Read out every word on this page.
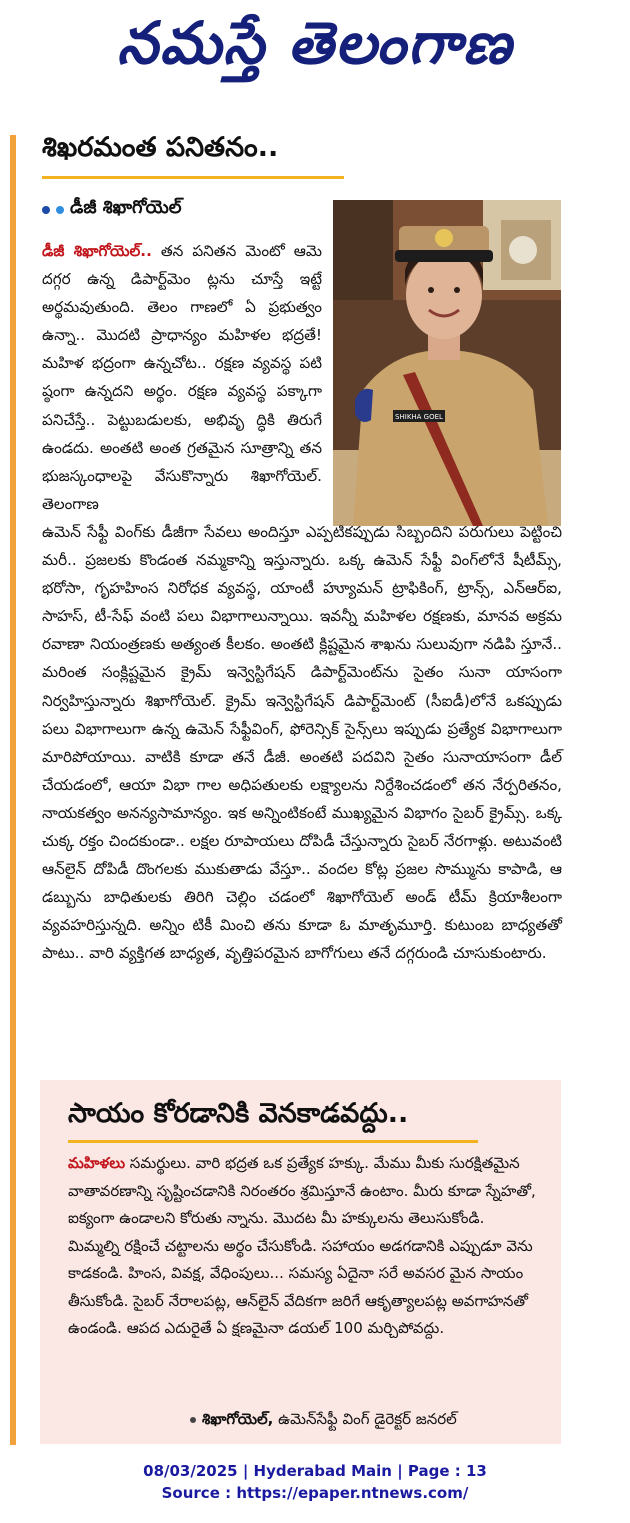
నమస్తే తెలంగాణ
శిఖరమంత పనితనం..
డీజీ శిఖాగోయెల్
SHIKHA GOEL
డీజీ శిఖాగోయెల్.. తన పనితన మెంటో ఆమె దగ్గర ఉన్న డిపార్ట్‌మెం ట్లను చూస్తే ఇట్టే అర్థమవుతుంది. తెలం గాణలో ఏ ప్రభుత్వం ఉన్నా.. మొదటి ప్రాధాన్యం మహిళల భద్రతే! మహిళ భద్రంగా ఉన్నచోట.. రక్షణ వ్యవస్థ పటి ష్ఠంగా ఉన్నదని అర్థం. రక్షణ వ్యవస్థ పక్కాగా పనిచేస్తే.. పెట్టుబడులకు, అభివృ ద్ధికి తిరుగే ఉండదు. అంతటి అంత గ్రతమైన సూత్రాన్ని తన భుజస్కంధాలపై వేసుకొన్నారు శిఖాగోయెల్. తెలంగాణ
ఉమెన్ సేఫ్టీ వింగ్‌కు డీజీగా సేవలు అందిస్తూ ఎప్పటికప్పుడు సిబ్బందిని పరుగులు పెట్టించి మరీ.. ప్రజలకు కొండంత నమ్మకాన్ని ఇస్తున్నారు. ఒక్క ఉమెన్ సేఫ్టీ వింగ్‌లోనే షీటీమ్స్, భరోసా, గృహహింస నిరోధక వ్యవస్థ, యాంటీ హ్యూమన్ ట్రాఫికింగ్, ట్రాన్స్, ఎన్ఆర్ఐ, సాహస్, టీ-సేఫ్ వంటి పలు విభాగాలున్నాయి. ఇవన్నీ మహిళల రక్షణకు, మానవ అక్రమ రవాణా నియంత్రణకు అత్యంత కీలకం. అంతటి క్లిష్టమైన శాఖను సులువుగా నడిపి స్తూనే.. మరింత సంక్లిష్టమైన క్రైమ్ ఇన్వెస్టిగేషన్ డిపార్ట్‌మెంట్‌ను సైతం సునా యాసంగా నిర్వహిస్తున్నారు శిఖాగోయెల్. క్రైమ్ ఇన్వెస్టిగేషన్ డిపార్ట్‌మెంట్ (సీఐడీ)లోనే ఒకప్పుడు పలు విభాగాలుగా ఉన్న ఉమెన్ సేఫ్టీవింగ్, ఫోరెన్సిక్ సైన్స్‌లు ఇప్పుడు ప్రత్యేక విభాగాలుగా మారిపోయాయి. వాటికి కూడా తనే డీజీ. అంతటి పదవిని సైతం సునాయాసంగా డీల్ చేయడంలో, ఆయా విభా గాల అధిపతులకు లక్ష్యాలను నిర్దేశించడంలో తన నేర్పరితనం, నాయకత్వం అనన్యసామాన్యం. ఇక అన్నింటికంటే ముఖ్యమైన విభాగం సైబర్ క్రైమ్స్. ఒక్క చుక్క రక్తం చిందకుండా.. లక్షల రూపాయలు దోపిడీ చేస్తున్నారు సైబర్ నేరగాళ్లు. అటువంటి ఆన్‌లైన్ దోపిడీ దొంగలకు ముకుతాడు వేస్తూ.. వందల కోట్ల ప్రజల సొమ్మును కాపాడి, ఆ డబ్బును బాధితులకు తిరిగి చెల్లిం చడంలో శిఖాగోయెల్ అండ్ టీమ్ క్రియాశీలంగా వ్యవహరిస్తున్నది. అన్నిం టికీ మించి తను కూడా ఓ మాతృమూర్తి. కుటుంబ బాధ్యతతో పాటు.. వారి వ్యక్తిగత బాధ్యత, వృత్తిపరమైన బాగోగులు తనే దగ్గరుండి చూసుకుంటారు.
సాయం కోరడానికి వెనకాడవద్దు..
మహిళలు సమర్థులు. వారి భద్రత ఒక ప్రత్యేక హక్కు. మేము మీకు సురక్షితమైన వాతావరణాన్ని సృష్టించడానికి నిరంతరం శ్రమిస్తూనే ఉంటాం. మీరు కూడా స్నేహతో, ఐక్యంగా ఉండాలని కోరుతు న్నాను. మొదట మీ హక్కులను తెలుసుకోండి. మిమ్మల్ని రక్షించే చట్టాలను అర్థం చేసుకోండి. సహాయం అడగడానికి ఎప్పుడూ వెను కాడకండి. హింస, వివక్ష, వేధింపులు... సమస్య ఏదైనా సరే అవసర మైన సాయం తీసుకోండి. సైబర్ నేరాలపట్ల, ఆన్‌లైన్ వేదికగా జరిగే ఆకృత్యాలపట్ల అవగాహనతో ఉండండి. ఆపద ఎదురైతే ఏ క్షణమైనా డయల్ 100 మర్చిపోవద్దు.
శిఖాగోయెల్, ఉమెన్‌సేఫ్టీ వింగ్ డైరెక్టర్ జనరల్
08/03/2025 | Hyderabad Main | Page : 13
Source : https://epaper.ntnews.com/
